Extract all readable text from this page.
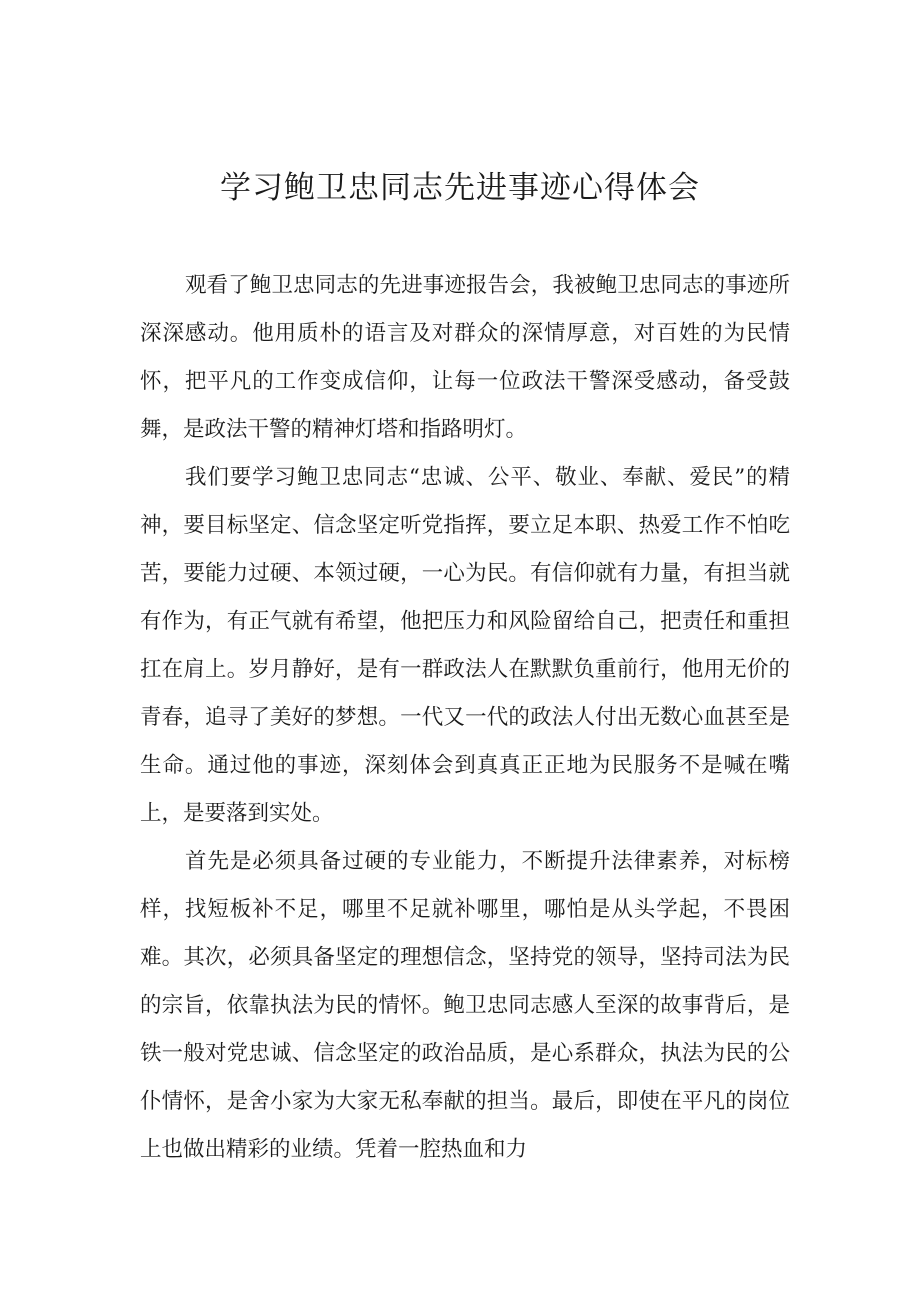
学习鲍卫忠同志先进事迹心得体会

观看了鲍卫忠同志的先进事迹报告会，我被鲍卫忠同志的事迹所深深感动。他用质朴的语言及对群众的深情厚意，对百姓的为民情怀，把平凡的工作变成信仰，让每一位政法干警深受感动，备受鼓舞，是政法干警的精神灯塔和指路明灯。

我们要学习鲍卫忠同志“忠诚、公平、敬业、奉献、爱民”的精神，要目标坚定、信念坚定听党指挥，要立足本职、热爱工作不怕吃苦，要能力过硬、本领过硬，一心为民。有信仰就有力量，有担当就有作为，有正气就有希望，他把压力和风险留给自己，把责任和重担扛在肩上。岁月静好，是有一群政法人在默默负重前行，他用无价的青春，追寻了美好的梦想。一代又一代的政法人付出无数心血甚至是生命。通过他的事迹，深刻体会到真真正正地为民服务不是喊在嘴上，是要落到实处。

首先是必须具备过硬的专业能力，不断提升法律素养，对标榜样，找短板补不足，哪里不足就补哪里，哪怕是从头学起，不畏困难。其次，必须具备坚定的理想信念，坚持党的领导，坚持司法为民的宗旨，依靠执法为民的情怀。鲍卫忠同志感人至深的故事背后，是铁一般对党忠诚、信念坚定的政治品质，是心系群众，执法为民的公仆情怀，是舍小家为大家无私奉献的担当。最后，即使在平凡的岗位上也做出精彩的业绩。凭着一腔热血和力
